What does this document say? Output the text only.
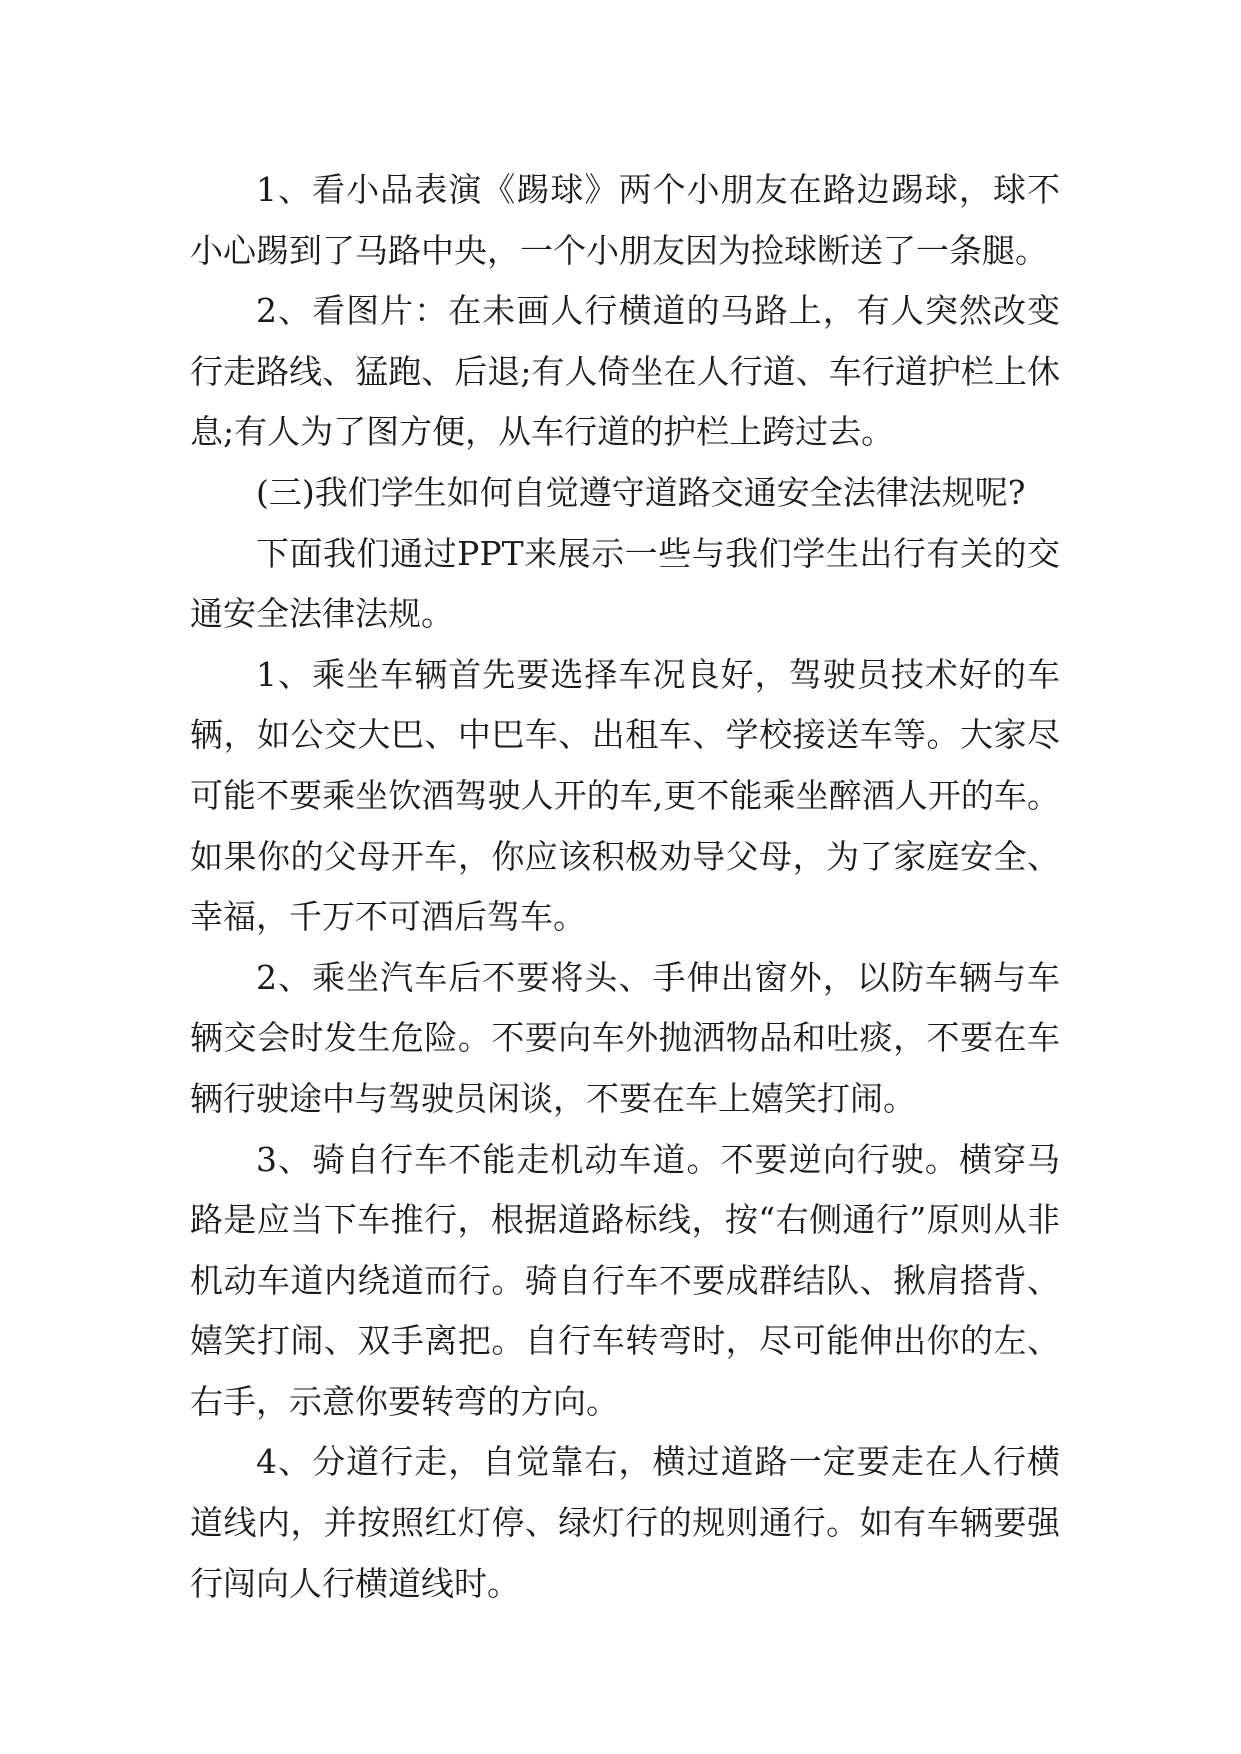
1、看小品表演《踢球》两个小朋友在路边踢球，球不小心踢到了马路中央，一个小朋友因为捡球断送了一条腿。

2、看图片：在未画人行横道的马路上，有人突然改变行走路线、猛跑、后退;有人倚坐在人行道、车行道护栏上休息;有人为了图方便，从车行道的护栏上跨过去。

(三)我们学生如何自觉遵守道路交通安全法律法规呢?

下面我们通过PPT来展示一些与我们学生出行有关的交通安全法律法规。

1、乘坐车辆首先要选择车况良好，驾驶员技术好的车辆，如公交大巴、中巴车、出租车、学校接送车等。大家尽可能不要乘坐饮酒驾驶人开的车,更不能乘坐醉酒人开的车。如果你的父母开车，你应该积极劝导父母，为了家庭安全、幸福，千万不可酒后驾车。

2、乘坐汽车后不要将头、手伸出窗外，以防车辆与车辆交会时发生危险。不要向车外抛洒物品和吐痰，不要在车辆行驶途中与驾驶员闲谈，不要在车上嬉笑打闹。

3、骑自行车不能走机动车道。不要逆向行驶。横穿马路是应当下车推行，根据道路标线，按“右侧通行”原则从非机动车道内绕道而行。骑自行车不要成群结队、揪肩搭背、嬉笑打闹、双手离把。自行车转弯时，尽可能伸出你的左、右手，示意你要转弯的方向。

4、分道行走，自觉靠右，横过道路一定要走在人行横道线内，并按照红灯停、绿灯行的规则通行。如有车辆要强行闯向人行横道线时。
